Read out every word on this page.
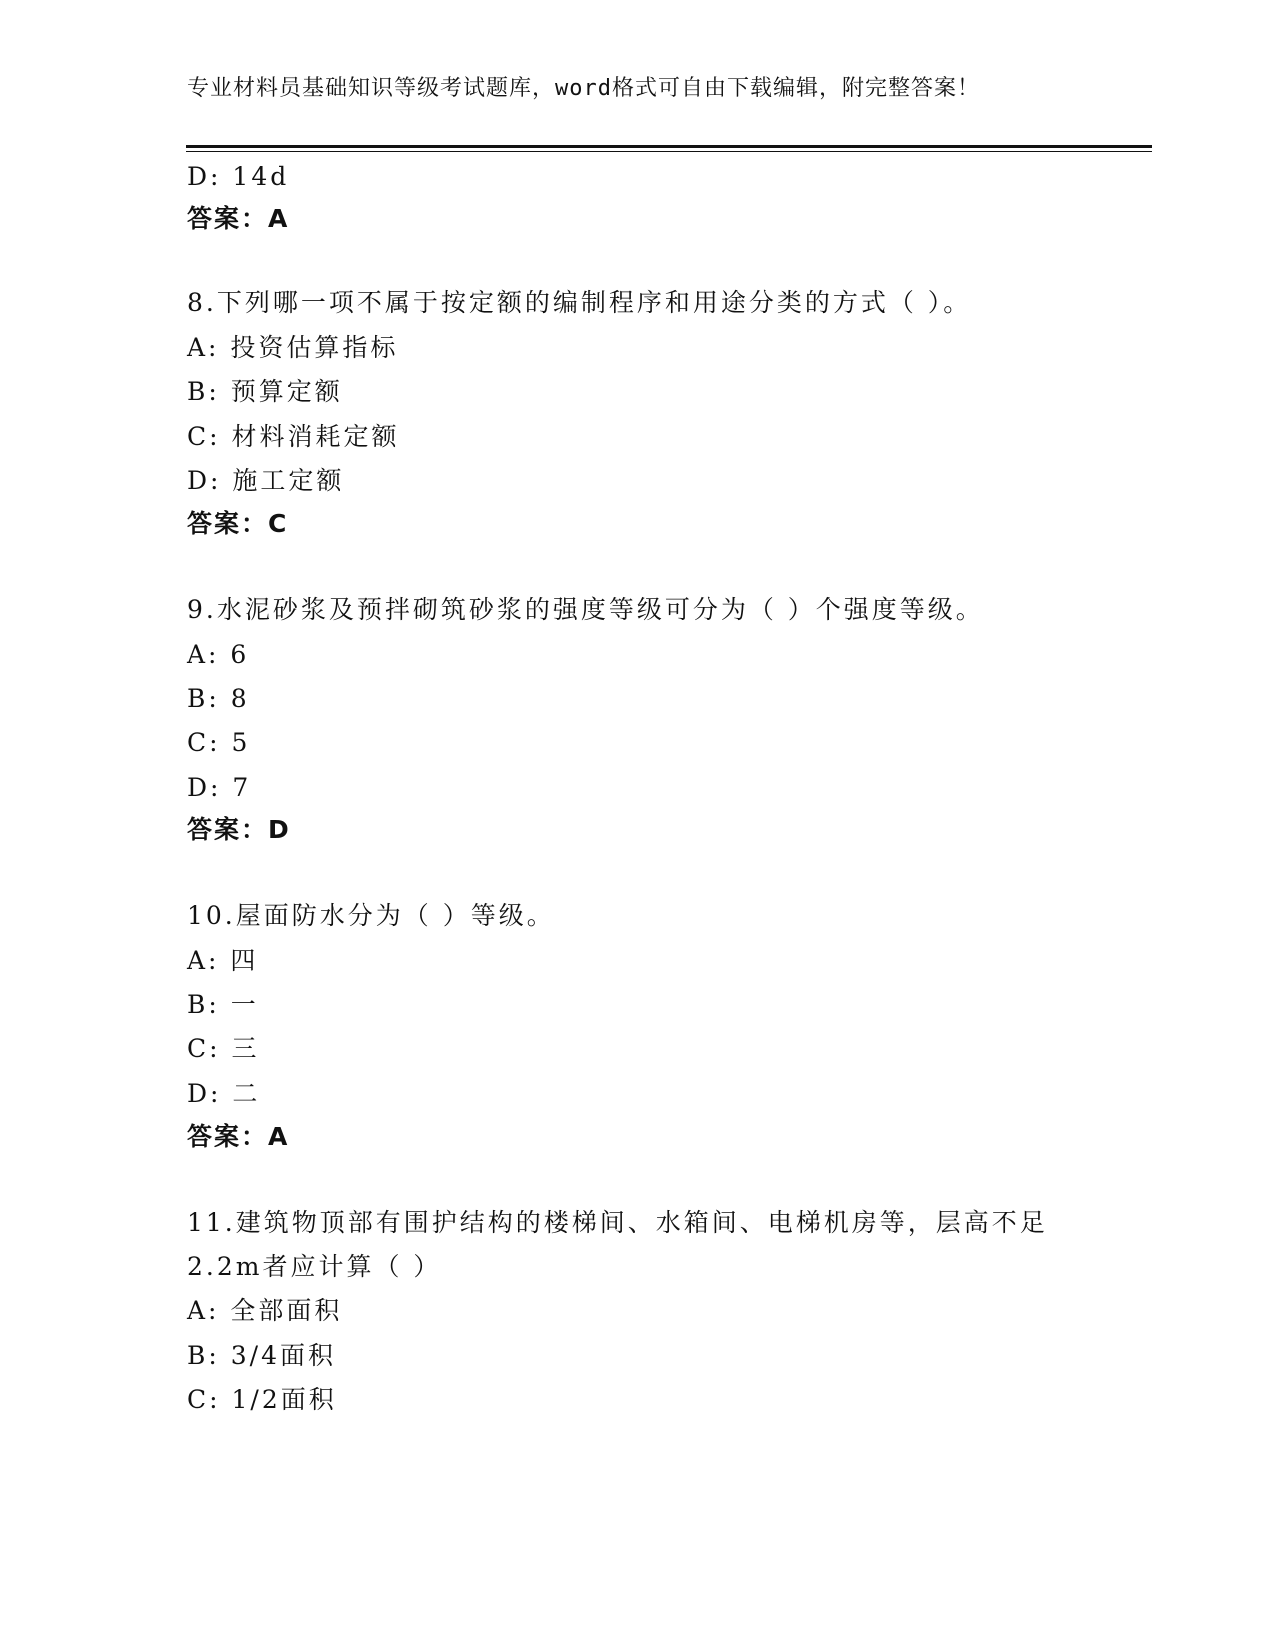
专业材料员基础知识等级考试题库，word格式可自由下载编辑，附完整答案！
D: 14d
答案：A
8.下列哪一项不属于按定额的编制程序和用途分类的方式（ ）。
A: 投资估算指标
B: 预算定额
C: 材料消耗定额
D: 施工定额
答案：C
9.水泥砂浆及预拌砌筑砂浆的强度等级可分为（ ）个强度等级。
A: 6
B: 8
C: 5
D: 7
答案：D
10.屋面防水分为（ ）等级。
A: 四
B: 一
C: 三
D: 二
答案：A
11.建筑物顶部有围护结构的楼梯间、水箱间、电梯机房等，层高不足
2.2m者应计算（ ）
A: 全部面积
B: 3/4面积
C: 1/2面积
